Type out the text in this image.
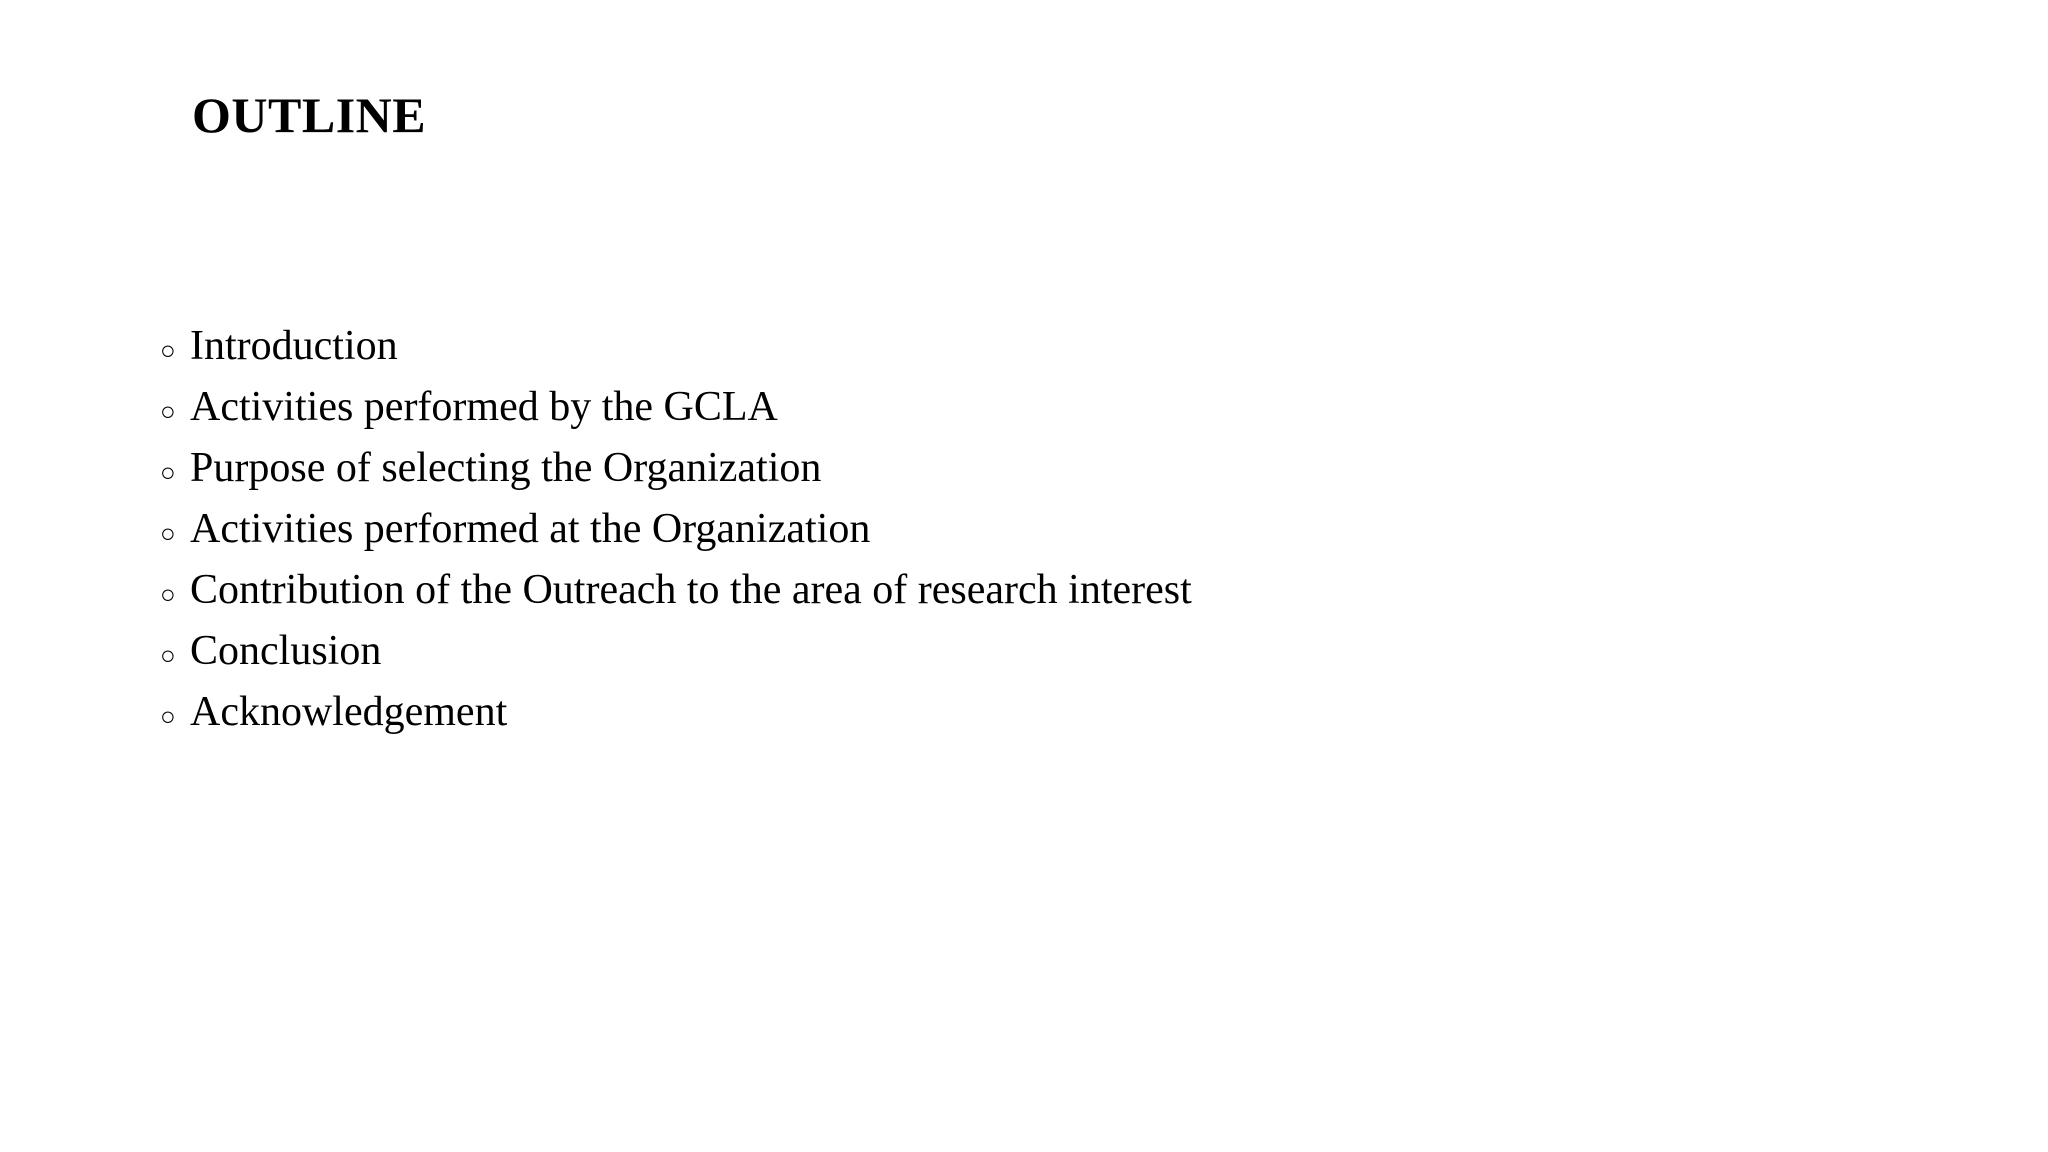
OUTLINE
○ Introduction
○ Activities performed by the GCLA
○ Purpose of selecting the Organization
○ Activities performed at the Organization
○ Contribution of the Outreach to the area of research interest
○ Conclusion
○ Acknowledgement
